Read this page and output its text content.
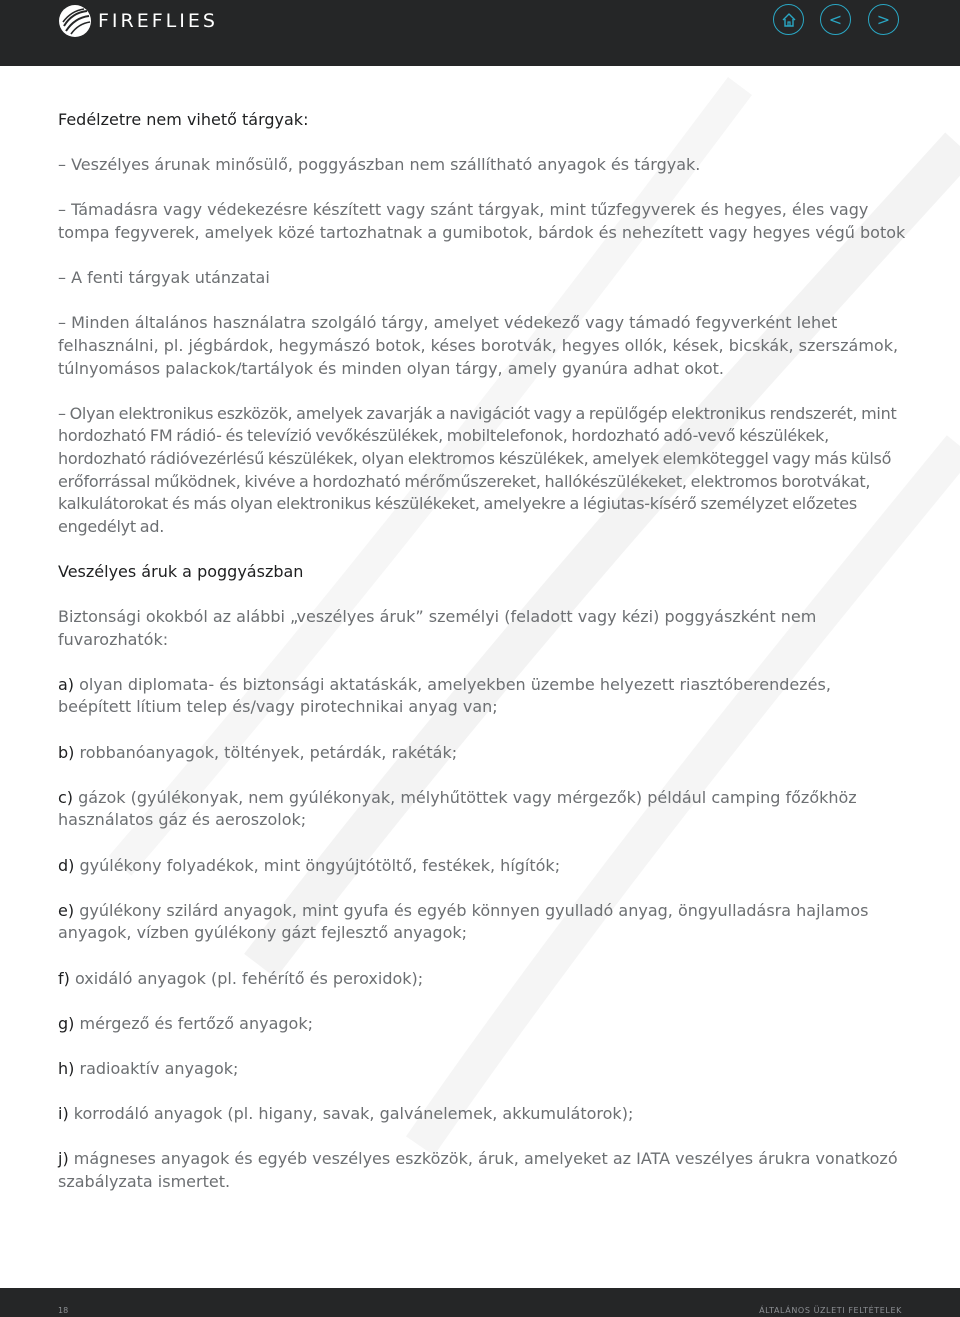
FIREFLIES	< >

Fedélzetre nem vihető tárgyak:

– Veszélyes árunak minősülő, poggyászban nem szállítható anyagok és tárgyak.

– Támadásra vagy védekezésre készített vagy szánt tárgyak, mint tűzfegyverek és hegyes, éles vagy tompa fegyverek, amelyek közé tartozhatnak a gumibotok, bárdok és nehezített vagy hegyes végű botok

– A fenti tárgyak utánzatai

– Minden általános használatra szolgáló tárgy, amelyet védekező vagy támadó fegyverként lehet felhasználni, pl. jégbárdok, hegymászó botok, késes borotvák, hegyes ollók, kések, bicskák, szerszámok, túlnyomásos palackok/tartályok és minden olyan tárgy, amely gyanúra adhat okot.

– Olyan elektronikus eszközök, amelyek zavarják a navigációt vagy a repülőgép elektronikus rendszerét, mint hordozható FM rádió- és televízió vevőkészülékek, mobiltelefonok, hordozható adó-vevő készülékek, hordozható rádióvezérlésű készülékek, olyan elektromos készülékek, amelyek elemköteggel vagy más külső erőforrással működnek, kivéve a hordozható mérőműszereket, hallókészülékeket, elektromos borotvákat, kalkulátorokat és más olyan elektronikus készülékeket, amelyekre a légiutas-kísérő személyzet előzetes engedélyt ad.

Veszélyes áruk a poggyászban

Biztonsági okokból az alábbi „veszélyes áruk” személyi (feladott vagy kézi) poggyászként nem fuvarozhatók:

a) olyan diplomata- és biztonsági aktatáskák, amelyekben üzembe helyezett riasztóberendezés, beépített lítium telep és/vagy pirotechnikai anyag van;

b) robbanóanyagok, töltények, petárdák, rakéták;

c) gázok (gyúlékonyak, nem gyúlékonyak, mélyhűtöttek vagy mérgezők) például camping főzőkhöz használatos gáz és aeroszolok;

d) gyúlékony folyadékok, mint öngyújtótöltő, festékek, hígítók;

e) gyúlékony szilárd anyagok, mint gyufa és egyéb könnyen gyulladó anyag, öngyulladásra hajlamos anyagok, vízben gyúlékony gázt fejlesztő anyagok;

f) oxidáló anyagok (pl. fehérítő és peroxidok);

g) mérgező és fertőző anyagok;

h) radioaktív anyagok;

i) korrodáló anyagok (pl. higany, savak, galvánelemek, akkumulátorok);

j) mágneses anyagok és egyéb veszélyes eszközök, áruk, amelyeket az IATA veszélyes árukra vonatkozó szabályzata ismertet.

18	ÁLTALÁNOS ÜZLETI FELTÉTELEK
